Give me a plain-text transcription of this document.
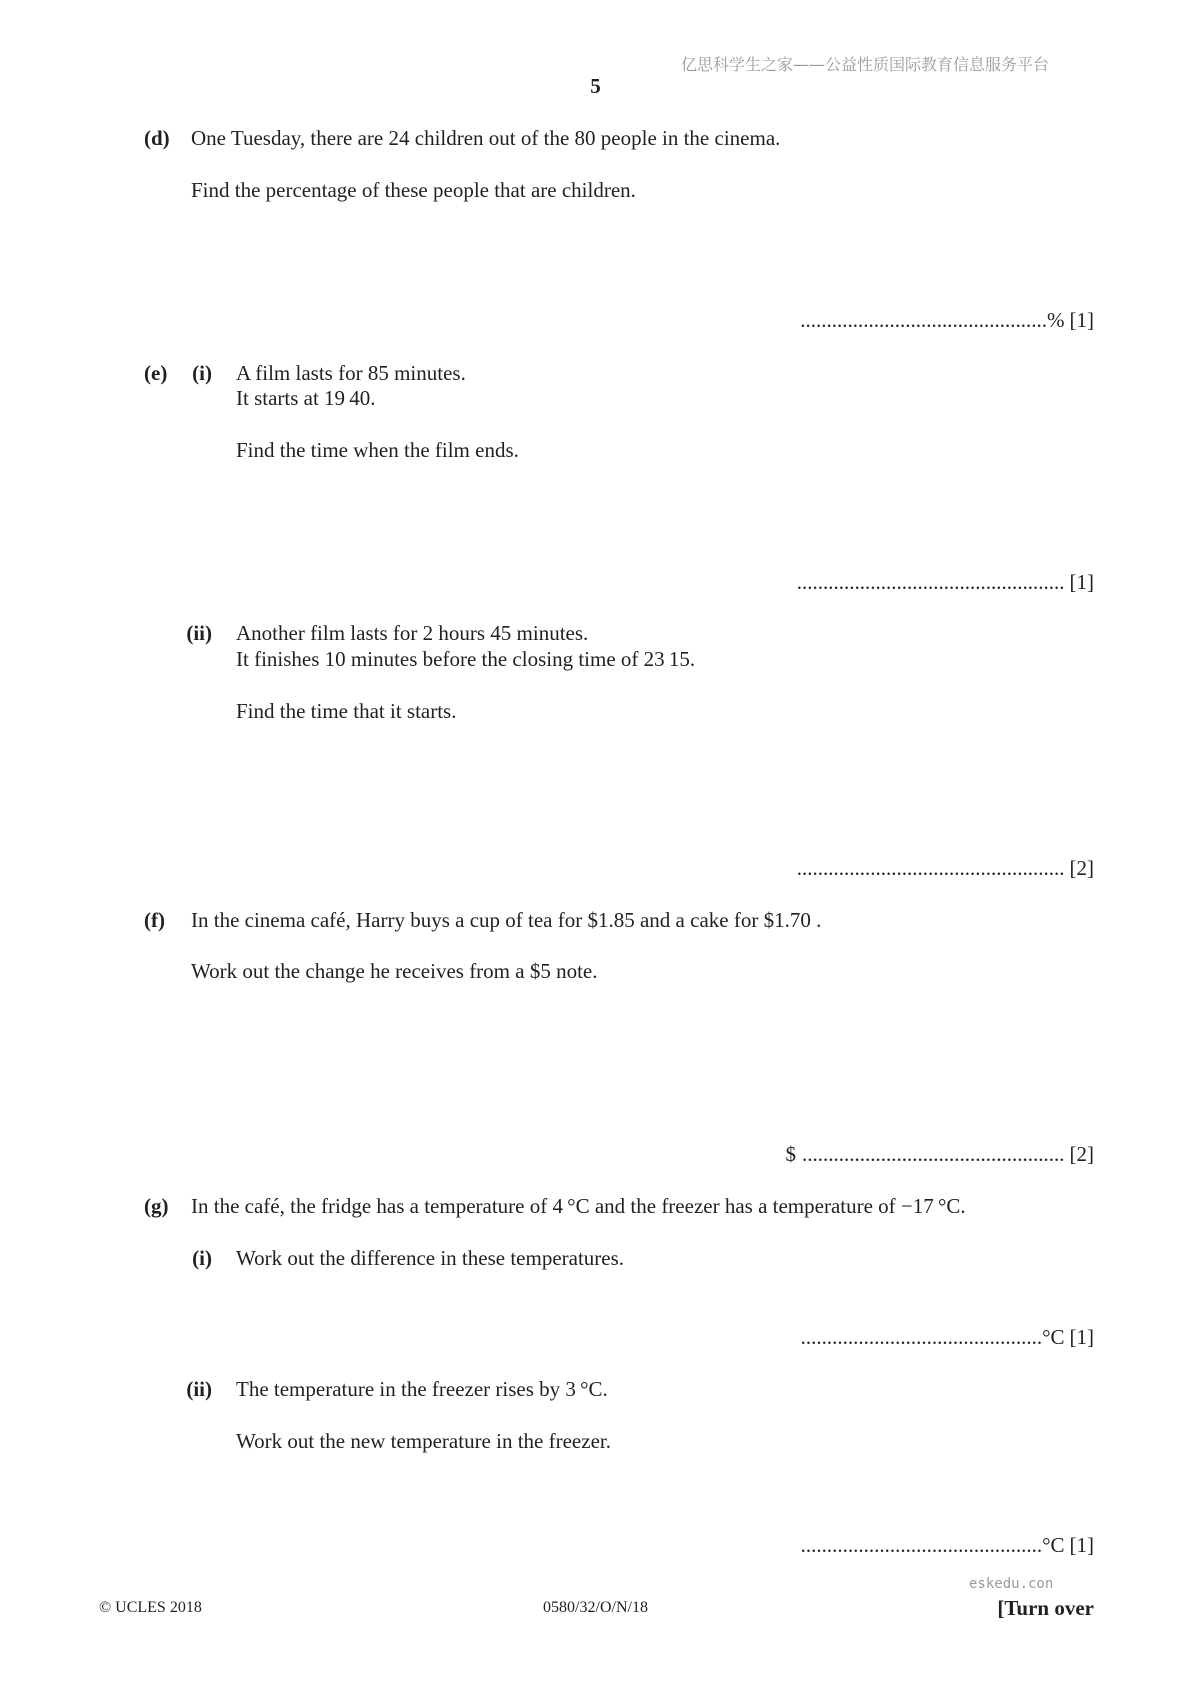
亿思科学生之家——公益性质国际教育信息服务平台
5
(d) One Tuesday, there are 24 children out of the 80 people in the cinema.
Find the percentage of these people that are children.
............................................... % [1]
(e)	(i) A film lasts for 85 minutes.
It starts at 19 40.
Find the time when the film ends.
................................................... [1]
(ii) Another film lasts for 2 hours 45 minutes.
It finishes 10 minutes before the closing time of 23 15.
Find the time that it starts.
................................................... [2]
(f) In the cinema café, Harry buys a cup of tea for $1.85 and a cake for $1.70 .
Work out the change he receives from a $5 note.
$ .................................................. [2]
(g) In the café, the fridge has a temperature of 4 °C and the freezer has a temperature of −17 °C.
(i) Work out the difference in these temperatures.
.............................................. °C [1]
(ii) The temperature in the freezer rises by 3 °C.
Work out the new temperature in the freezer.
.............................................. °C [1]
eskedu.con
© UCLES 2018	0580/32/O/N/18	[Turn over
